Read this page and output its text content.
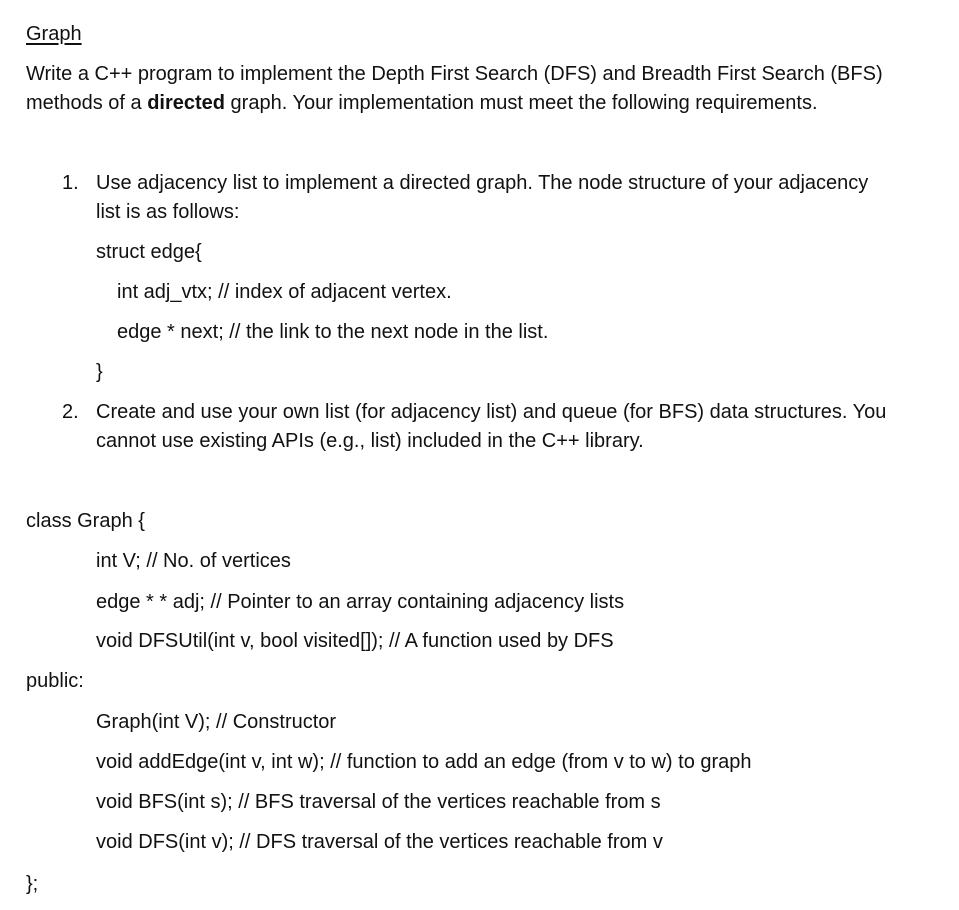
Graph
Write a C++ program to implement the Depth First Search (DFS) and Breadth First Search (BFS)
methods of a directed graph. Your implementation must meet the following requirements.
1. Use adjacency list to implement a directed graph. The node structure of your adjacency
list is as follows:
struct edge{
int adj_vtx; // index of adjacent vertex.
edge * next; // the link to the next node in the list.
}
2. Create and use your own list (for adjacency list) and queue (for BFS) data structures. You
cannot use existing APIs (e.g., list) included in the C++ library.
class Graph {
int V; // No. of vertices
edge * * adj; // Pointer to an array containing adjacency lists
void DFSUtil(int v, bool visited[]); // A function used by DFS
public:
Graph(int V); // Constructor
void addEdge(int v, int w); // function to add an edge (from v to w) to graph
void BFS(int s); // BFS traversal of the vertices reachable from s
void DFS(int v); // DFS traversal of the vertices reachable from v
};
